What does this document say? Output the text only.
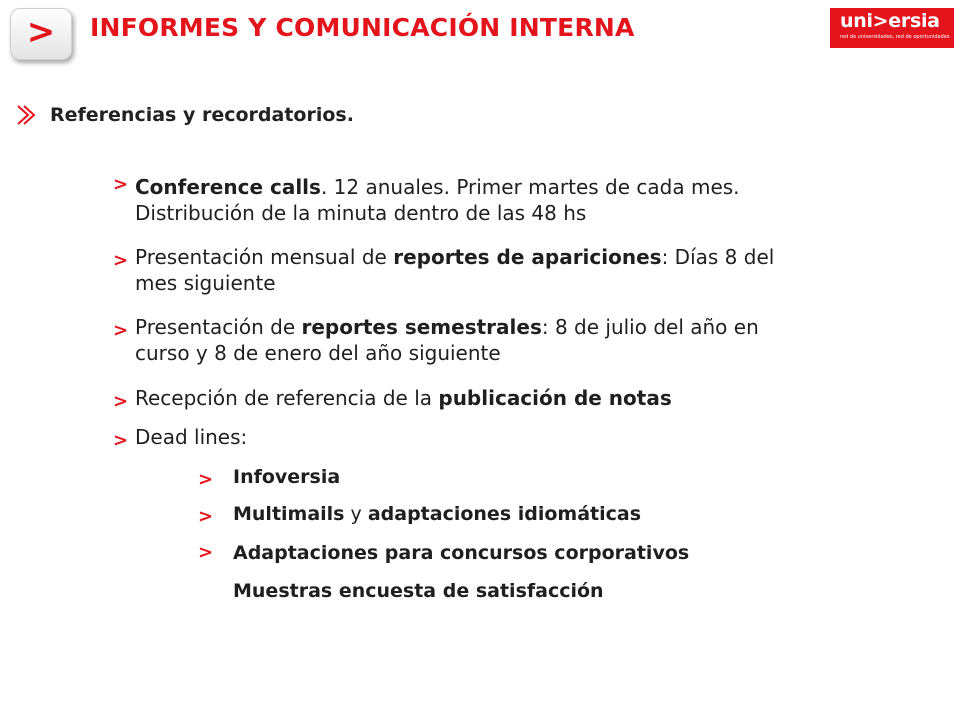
> INFORMES Y COMUNICACIÓN INTERNA	uni>ersia
red de universidades, red de oportunidades
Referencias y recordatorios.
> Conference calls. 12 anuales. Primer martes de cada mes.
Distribución de la minuta dentro de las 48 hs
> Presentación mensual de reportes de apariciones: Días 8 del
mes siguiente
> Presentación de reportes semestrales: 8 de julio del año en
curso y 8 de enero del año siguiente
> Recepción de referencia de la publicación de notas
> Dead lines:
> Infoversia
> Multimails y adaptaciones idiomáticas
> Adaptaciones para concursos corporativos
Muestras encuesta de satisfacción
